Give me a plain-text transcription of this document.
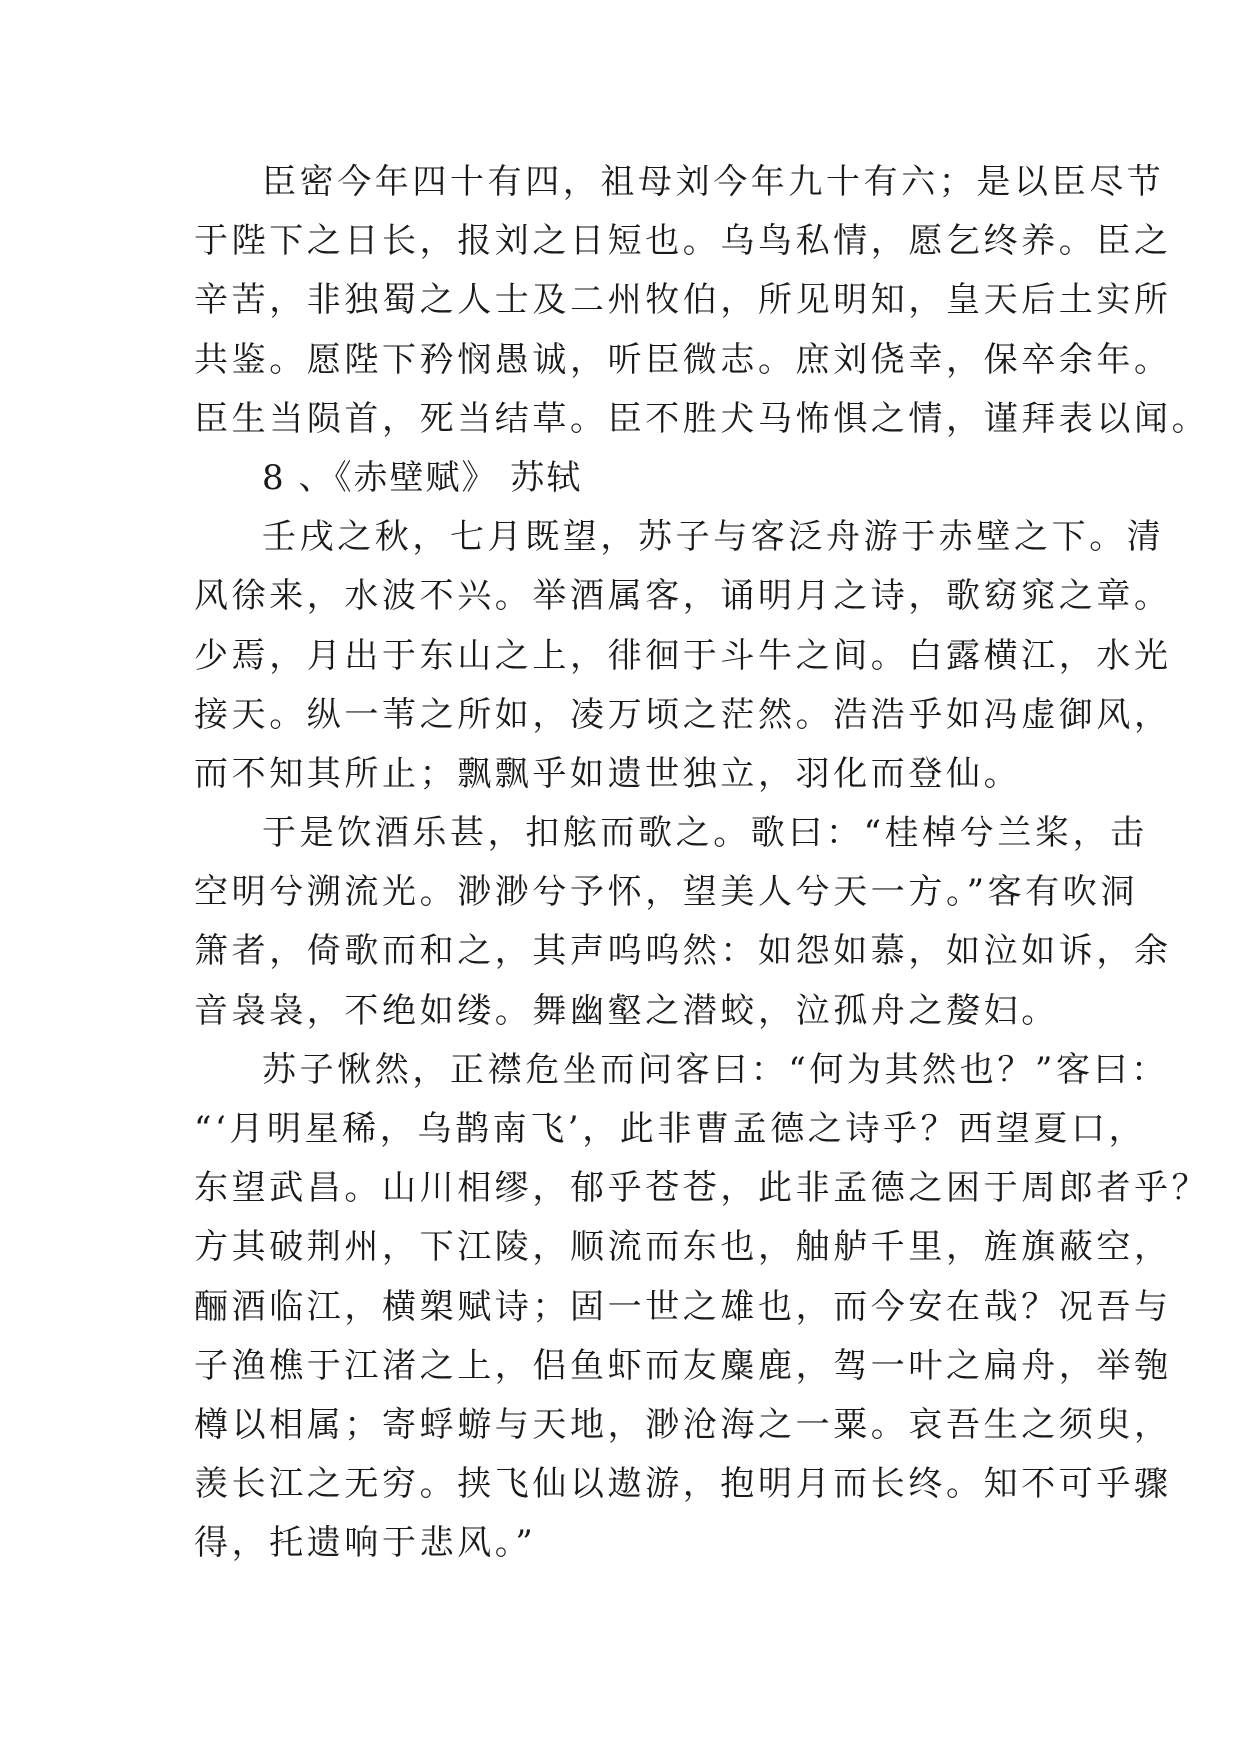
臣密今年四十有四，祖母刘今年九十有六；是以臣尽节
于陛下之日长，报刘之日短也。乌鸟私情，愿乞终养。臣之
辛苦，非独蜀之人士及二州牧伯，所见明知，皇天后土实所
共鉴。愿陛下矜悯愚诚，听臣微志。庶刘侥幸，保卒余年。
臣生当陨首，死当结草。臣不胜犬马怖惧之情，谨拜表以闻。
8 、《赤壁赋》 苏轼
壬戌之秋，七月既望，苏子与客泛舟游于赤壁之下。清
风徐来，水波不兴。举酒属客，诵明月之诗，歌窈窕之章。
少焉，月出于东山之上，徘徊于斗牛之间。白露横江，水光
接天。纵一苇之所如，凌万顷之茫然。浩浩乎如冯虚御风，
而不知其所止；飘飘乎如遗世独立，羽化而登仙。
于是饮酒乐甚，扣舷而歌之。歌曰：“桂棹兮兰桨，击
空明兮溯流光。渺渺兮予怀，望美人兮天一方。”客有吹洞
箫者，倚歌而和之，其声呜呜然：如怨如慕，如泣如诉，余
音袅袅，不绝如缕。舞幽壑之潜蛟，泣孤舟之嫠妇。
苏子愀然，正襟危坐而问客曰：“何为其然也？”客曰：
“‘月明星稀，乌鹊南飞’，此非曹孟德之诗乎？西望夏口，
东望武昌。山川相缪，郁乎苍苍，此非孟德之困于周郎者乎？
方其破荆州，下江陵，顺流而东也，舳舻千里，旌旗蔽空，
酾酒临江，横槊赋诗；固一世之雄也，而今安在哉？况吾与
子渔樵于江渚之上，侣鱼虾而友麋鹿，驾一叶之扁舟，举匏
樽以相属；寄蜉蝣与天地，渺沧海之一粟。哀吾生之须臾，
羡长江之无穷。挟飞仙以遨游，抱明月而长终。知不可乎骤
得，托遗响于悲风。”
